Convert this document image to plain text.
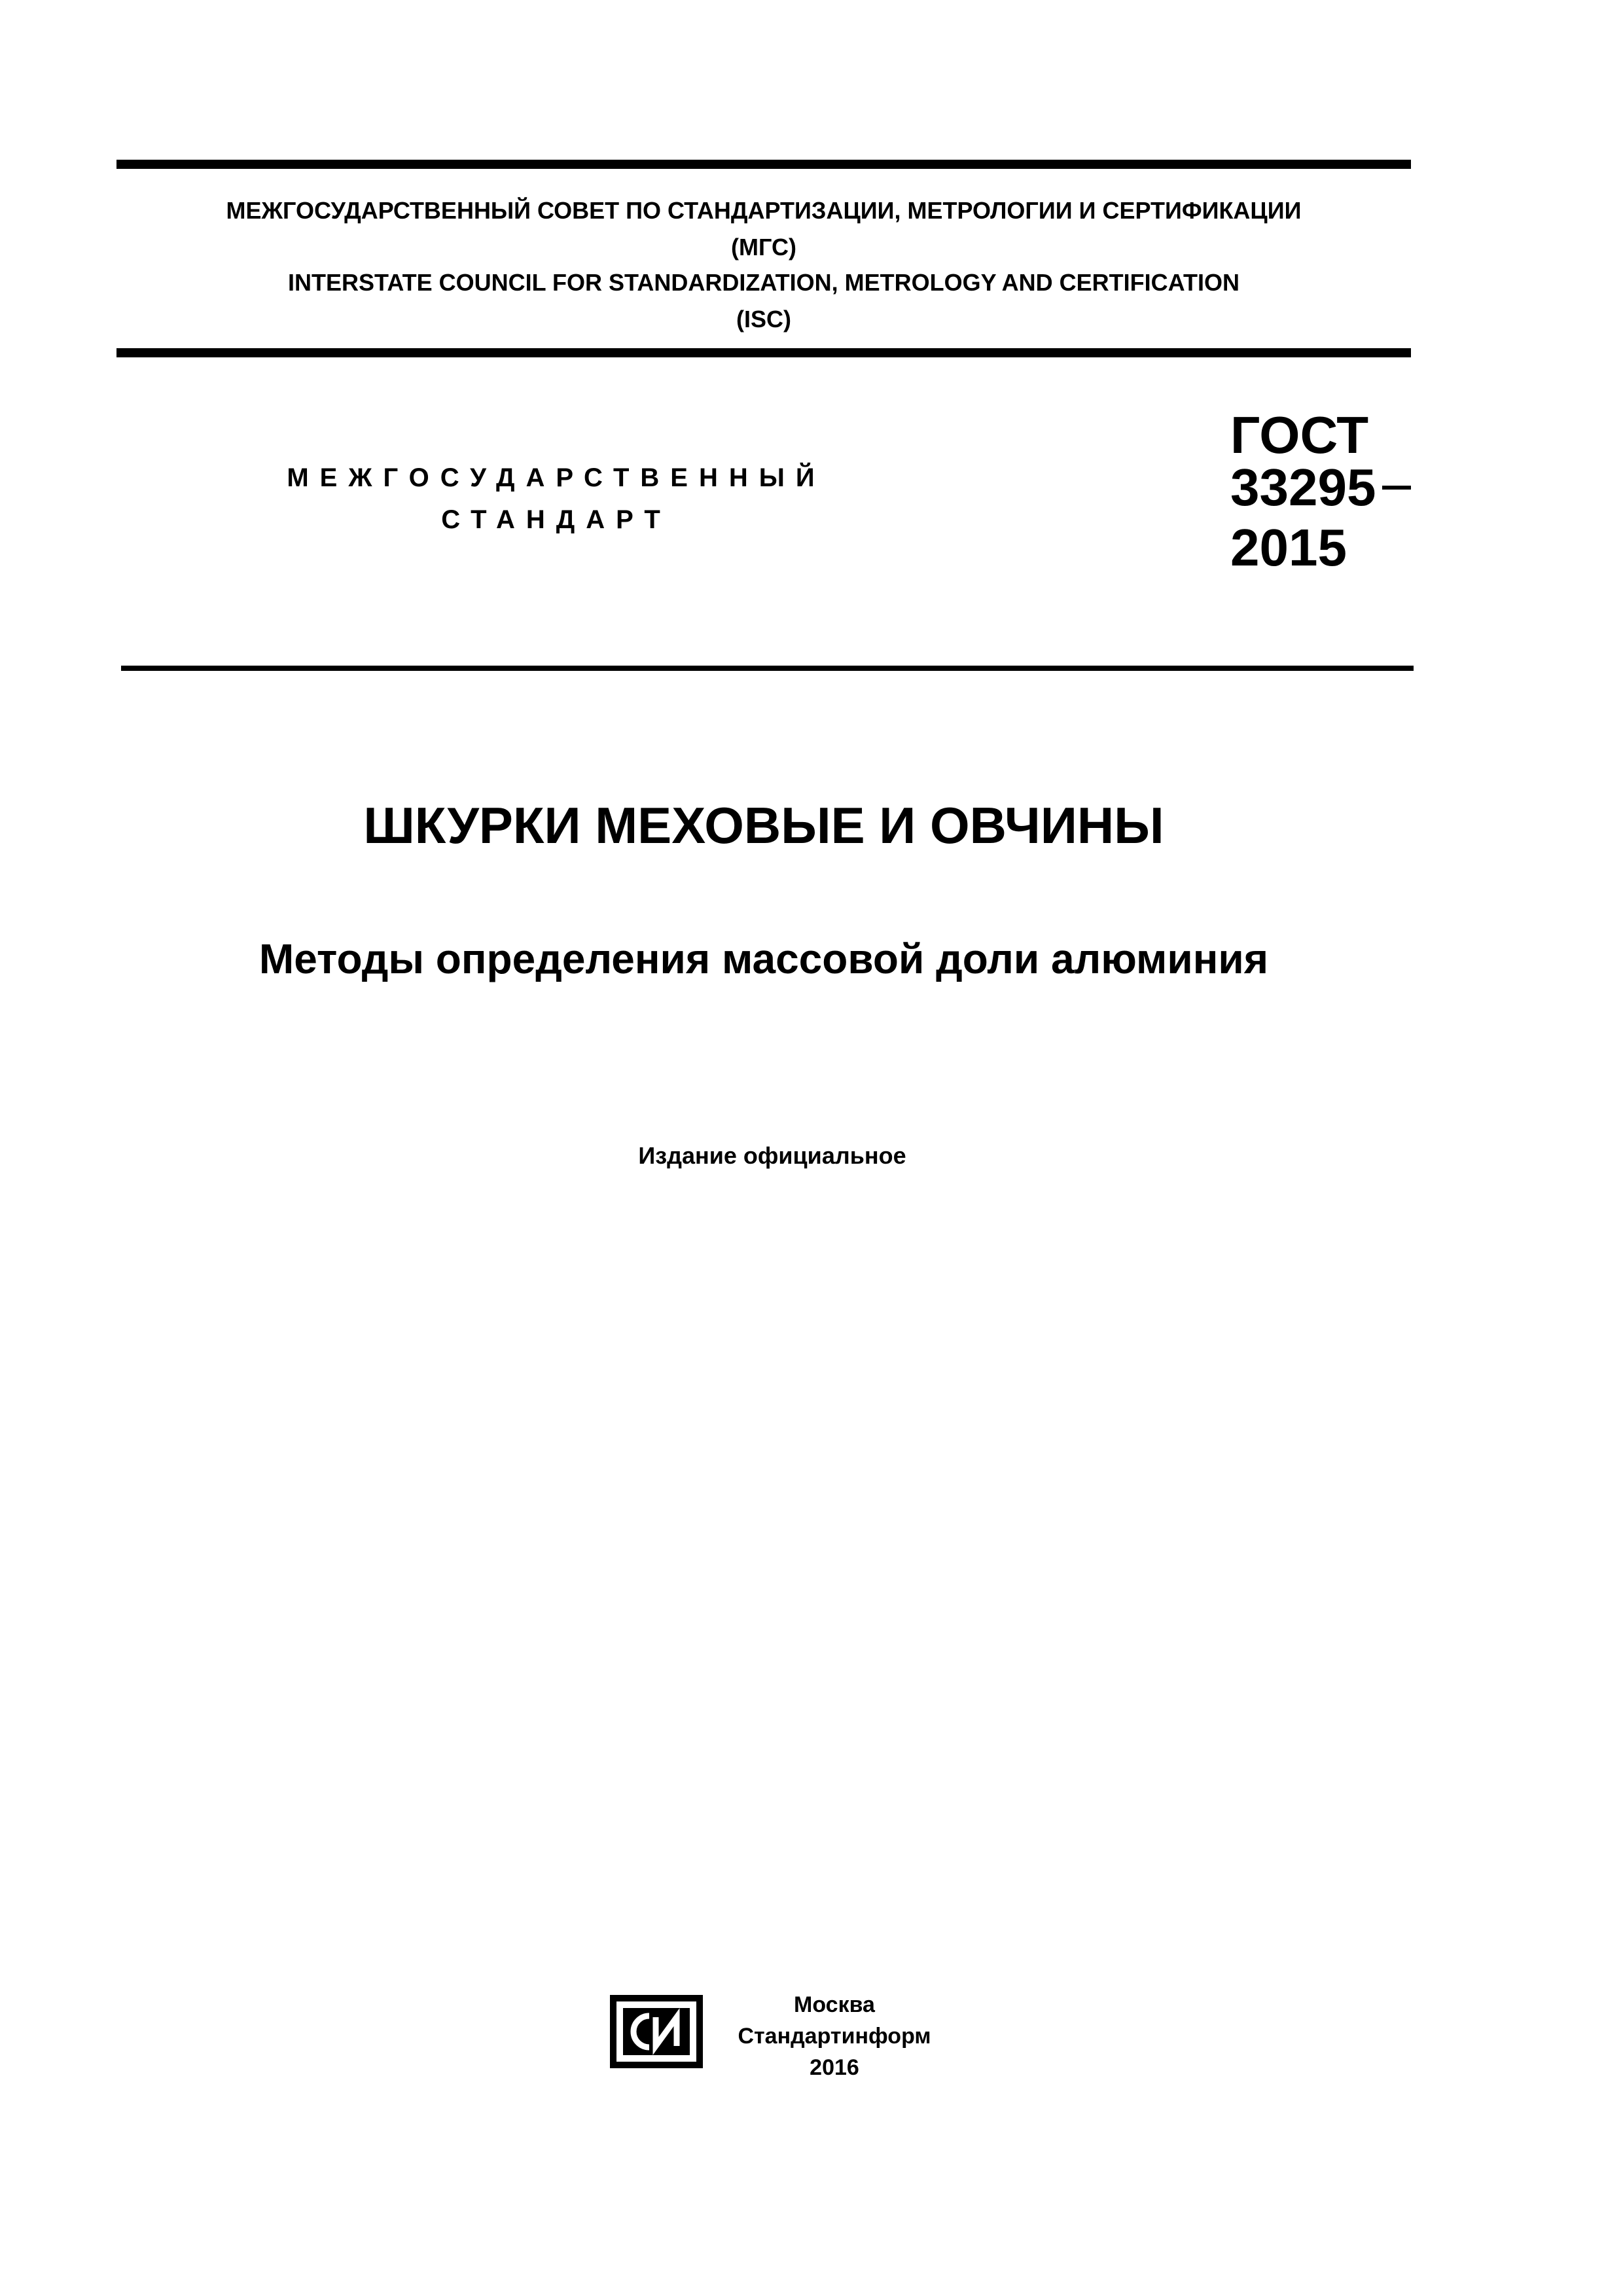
МЕЖГОСУДАРСТВЕННЫЙ СОВЕТ ПО СТАНДАРТИЗАЦИИ, МЕТРОЛОГИИ И СЕРТИФИКАЦИИ
(МГС)
INTERSTATE COUNCIL FOR STANDARDIZATION, METROLOGY AND CERTIFICATION
(ISC)
МЕЖГОСУДАРСТВЕННЫЙ
СТАНДАРТ
ГОСТ
33295
2015
ШКУРКИ МЕХОВЫЕ И ОВЧИНЫ
Методы определения массовой доли алюминия
Издание официальное
Москва
Стандартинформ
2016
